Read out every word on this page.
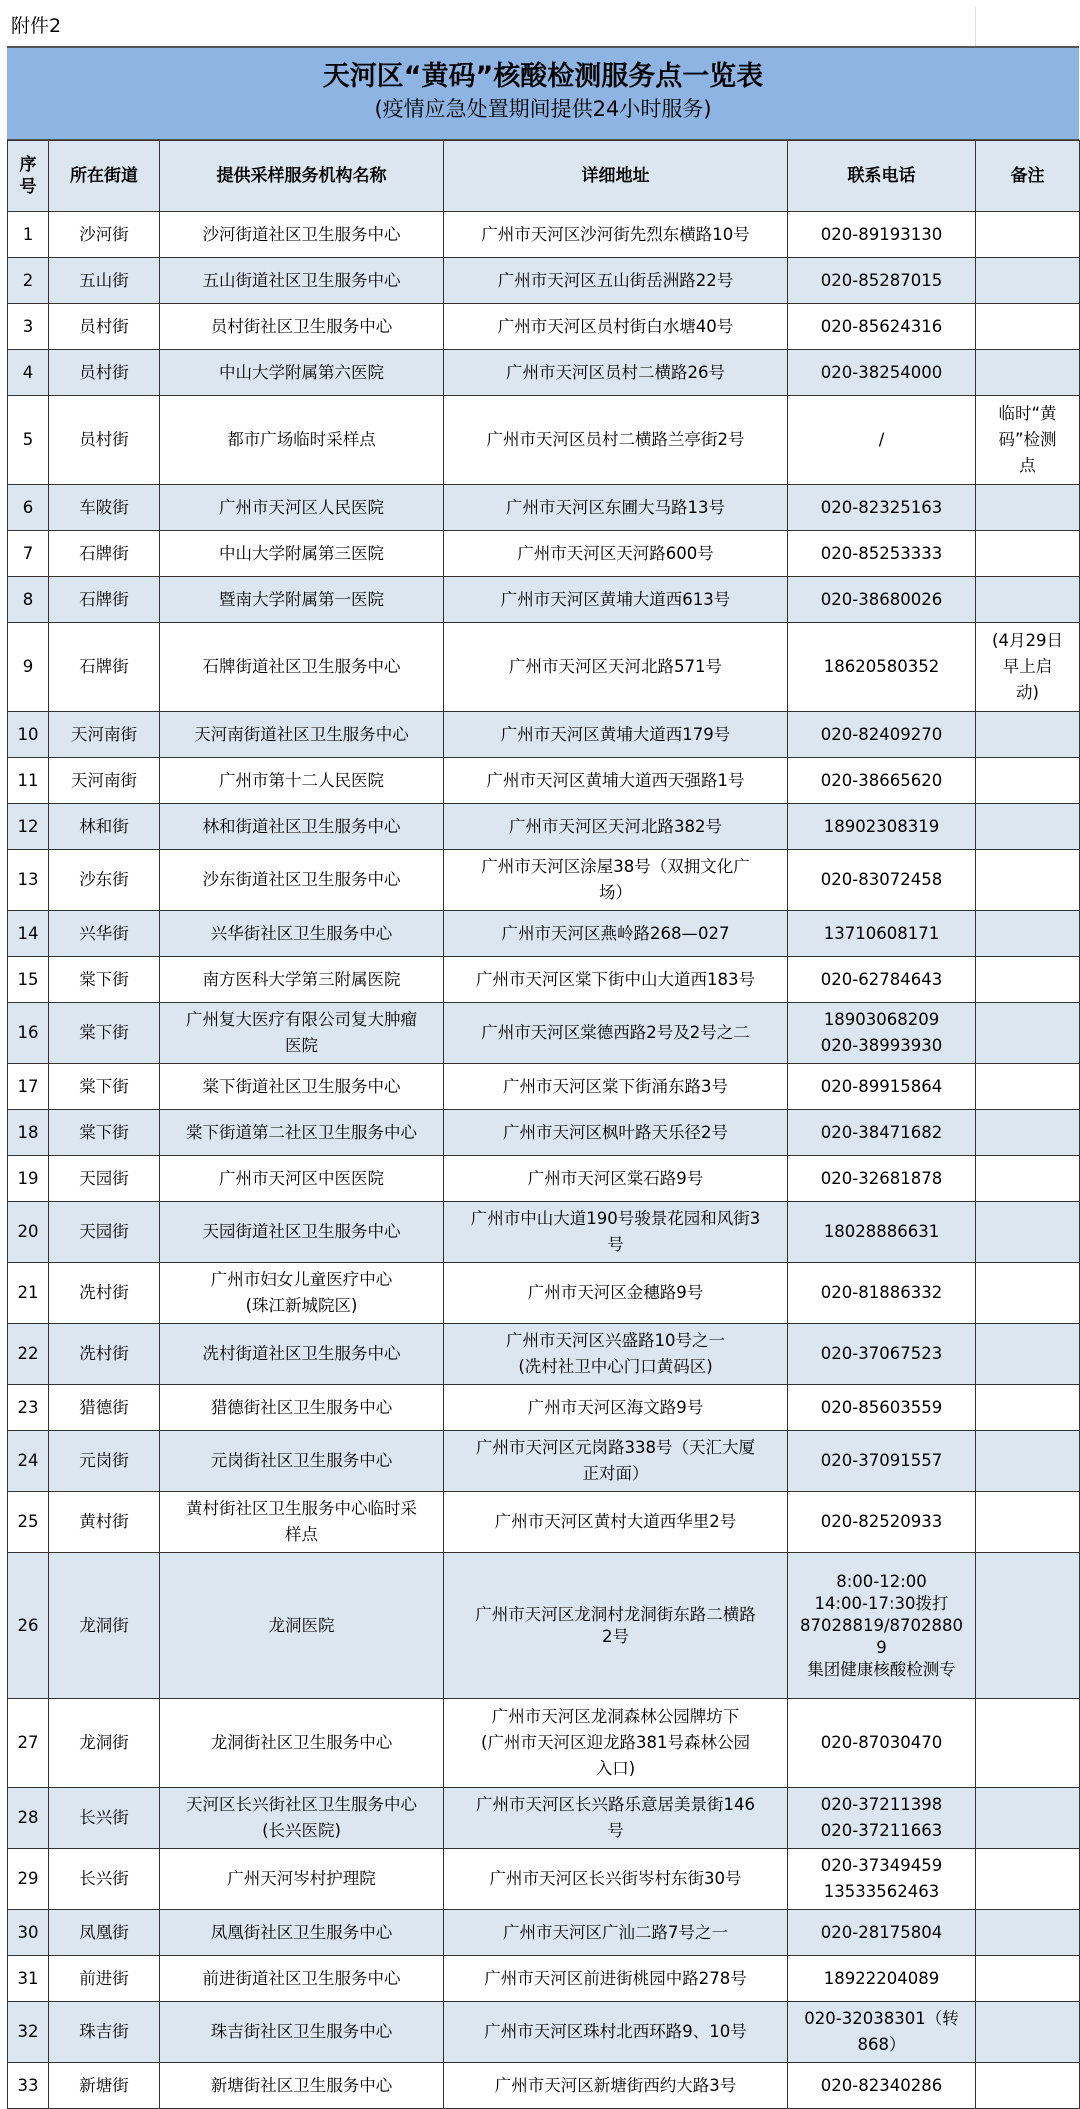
附件2
天河区“黄码”核酸检测服务点一览表
(疫情应急处置期间提供24小时服务)
序
号	所在街道	提供采样服务机构名称	详细地址	联系电话	备注
1	沙河街	沙河街道社区卫生服务中心	广州市天河区沙河街先烈东横路10号	020-89193130	
2	五山街	五山街道社区卫生服务中心	广州市天河区五山街岳洲路22号	020-85287015	
3	员村街	员村街社区卫生服务中心	广州市天河区员村街白水塘40号	020-85624316	
4	员村街	中山大学附属第六医院	广州市天河区员村二横路26号	020-38254000	
5	员村街	都市广场临时采样点	广州市天河区员村二横路兰亭街2号	/	临时“黄
码”检测
点
6	车陂街	广州市天河区人民医院	广州市天河区东圃大马路13号	020-82325163	
7	石牌街	中山大学附属第三医院	广州市天河区天河路600号	020-85253333	
8	石牌街	暨南大学附属第一医院	广州市天河区黄埔大道西613号	020-38680026	
9	石牌街	石牌街道社区卫生服务中心	广州市天河区天河北路571号	18620580352	(4月29日
早上启
动)
10	天河南街	天河南街道社区卫生服务中心	广州市天河区黄埔大道西179号	020-82409270	
11	天河南街	广州市第十二人民医院	广州市天河区黄埔大道西天强路1号	020-38665620	
12	林和街	林和街道社区卫生服务中心	广州市天河区天河北路382号	18902308319	
13	沙东街	沙东街道社区卫生服务中心	广州市天河区涂屋38号（双拥文化广
场）	020-83072458	
14	兴华街	兴华街社区卫生服务中心	广州市天河区燕岭路268—027	13710608171	
15	棠下街	南方医科大学第三附属医院	广州市天河区棠下街中山大道西183号	020-62784643	
16	棠下街	广州复大医疗有限公司复大肿瘤
医院	广州市天河区棠德西路2号及2号之二	18903068209
020-38993930	
17	棠下街	棠下街道社区卫生服务中心	广州市天河区棠下街涌东路3号	020-89915864	
18	棠下街	棠下街道第二社区卫生服务中心	广州市天河区枫叶路天乐径2号	020-38471682	
19	天园街	广州市天河区中医医院	广州市天河区棠石路9号	020-32681878	
20	天园街	天园街道社区卫生服务中心	广州市中山大道190号骏景花园和风街3
号	18028886631	
21	冼村街	广州市妇女儿童医疗中心
(珠江新城院区)	广州市天河区金穗路9号	020-81886332	
22	冼村街	冼村街道社区卫生服务中心	广州市天河区兴盛路10号之一
(冼村社卫中心门口黄码区)	020-37067523	
23	猎德街	猎德街社区卫生服务中心	广州市天河区海文路9号	020-85603559	
24	元岗街	元岗街社区卫生服务中心	广州市天河区元岗路338号（天汇大厦
正对面）	020-37091557	
25	黄村街	黄村街社区卫生服务中心临时采
样点	广州市天河区黄村大道西华里2号	020-82520933	
26	龙洞街	龙洞医院	广州市天河区龙洞村龙洞街东路二横路
2号	8:00-12:00
14:00-17:30拨打
87028819/8702880
9
集团健康核酸检测专	
27	龙洞街	龙洞街社区卫生服务中心	广州市天河区龙洞森林公园牌坊下
(广州市天河区迎龙路381号森林公园
入口)	020-87030470	
28	长兴街	天河区长兴街社区卫生服务中心
(长兴医院)	广州市天河区长兴路乐意居美景街146
号	020-37211398
020-37211663	
29	长兴街	广州天河岑村护理院	广州市天河区长兴街岑村东街30号	020-37349459
13533562463	
30	凤凰街	凤凰街社区卫生服务中心	广州市天河区广汕二路7号之一	020-28175804	
31	前进街	前进街道社区卫生服务中心	广州市天河区前进街桃园中路278号	18922204089	
32	珠吉街	珠吉街社区卫生服务中心	广州市天河区珠村北西环路9、10号	020-32038301（转
868）	
33	新塘街	新塘街社区卫生服务中心	广州市天河区新塘街西约大路3号	020-82340286	
